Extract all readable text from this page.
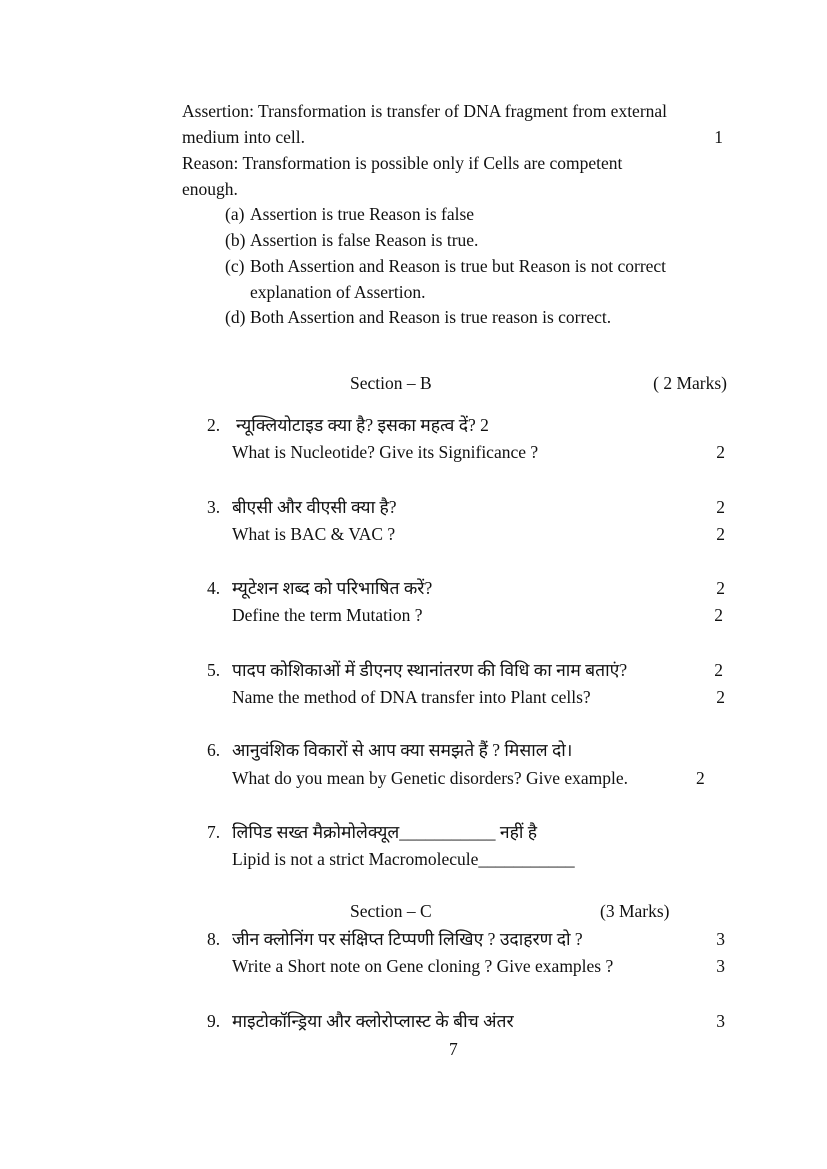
Assertion: Transformation is transfer of DNA fragment from external
medium into cell.	1
Reason: Transformation is possible only if Cells are competent
enough.
(a) Assertion is true Reason is false
(b) Assertion is false Reason is true.
(c) Both Assertion and Reason is true but Reason is not correct
explanation of Assertion.
(d) Both Assertion and Reason is true reason is correct.
Section – B	( 2 Marks)
2. न्यूक्लियोटाइड क्या है? इसका महत्व दें? 2
What is Nucleotide? Give its Significance ?	2
3. बीएसी और वीएसी क्या है?	2
What is BAC & VAC ?	2
4. म्यूटेशन शब्द को परिभाषित करें?	2
Define the term Mutation ?	2
5. पादप कोशिकाओं में डीएनए स्थानांतरण की विधि का नाम बताएं?	2
Name the method of DNA transfer into Plant cells?	2
6. आनुवंशिक विकारों से आप क्या समझते हैं ? मिसाल दो।
What do you mean by Genetic disorders? Give example.	2
7. लिपिड सख्त मैक्रोमोलेक्यूल___________ नहीं है
Lipid is not a strict Macromolecule___________
Section – C	(3 Marks)
8. जीन क्लोनिंग पर संक्षिप्त टिप्पणी लिखिए ? उदाहरण दो ?	3
Write a Short note on Gene cloning ? Give examples ?	3
9. माइटोकॉन्ड्रिया और क्लोरोप्लास्ट के बीच अंतर	3
7
